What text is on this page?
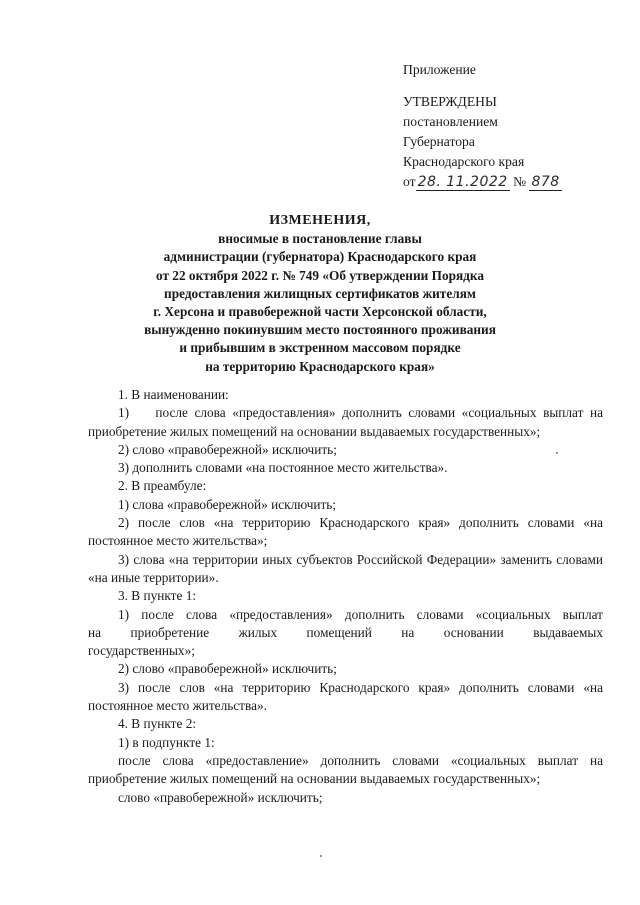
Приложение
УТВЕРЖДЕНЫ
постановлением
Губернатора
Краснодарского края
от 28. 11.2022 № 878
ИЗМЕНЕНИЯ,
вносимые в постановление главы
администрации (губернатора) Краснодарского края
от 22 октября 2022 г. № 749 «Об утверждении Порядка
предоставления жилищных сертификатов жителям
г. Херсона и правобережной части Херсонской области,
вынужденно покинувшим место постоянного проживания
и прибывшим в экстренном массовом порядке
на территорию Краснодарского края»

1. В наименовании:

1)    после слова «предоставления» дополнить словами «социальных выплат на приобретение жилых помещений на основании выдаваемых государственных»;

2) слово «правобережной» исключить;

3) дополнить словами «на постоянное место жительства».

2. В преамбуле:

1) слова «правобережной» исключить;

2) после слов «на территорию Краснодарского края» дополнить словами «на постоянное место жительства»;

3) слова «на территории иных субъектов Российской Федерации» заменить словами «на иные территории».

3. В пункте 1:

1) после слова «предоставления» дополнить словами «социальных выплат

на приобретение жилых помещений на основании выдаваемых

государственных»;

2) слово «правобережной» исключить;

3) после слов «на территорию Краснодарского края» дополнить словами «на постоянное место жительства».

4. В пункте 2:

1) в подпункте 1:

после слова «предоставление» дополнить словами «социальных выплат на приобретение жилых помещений на основании выдаваемых государственных»;

слово «правобережной» исключить;
